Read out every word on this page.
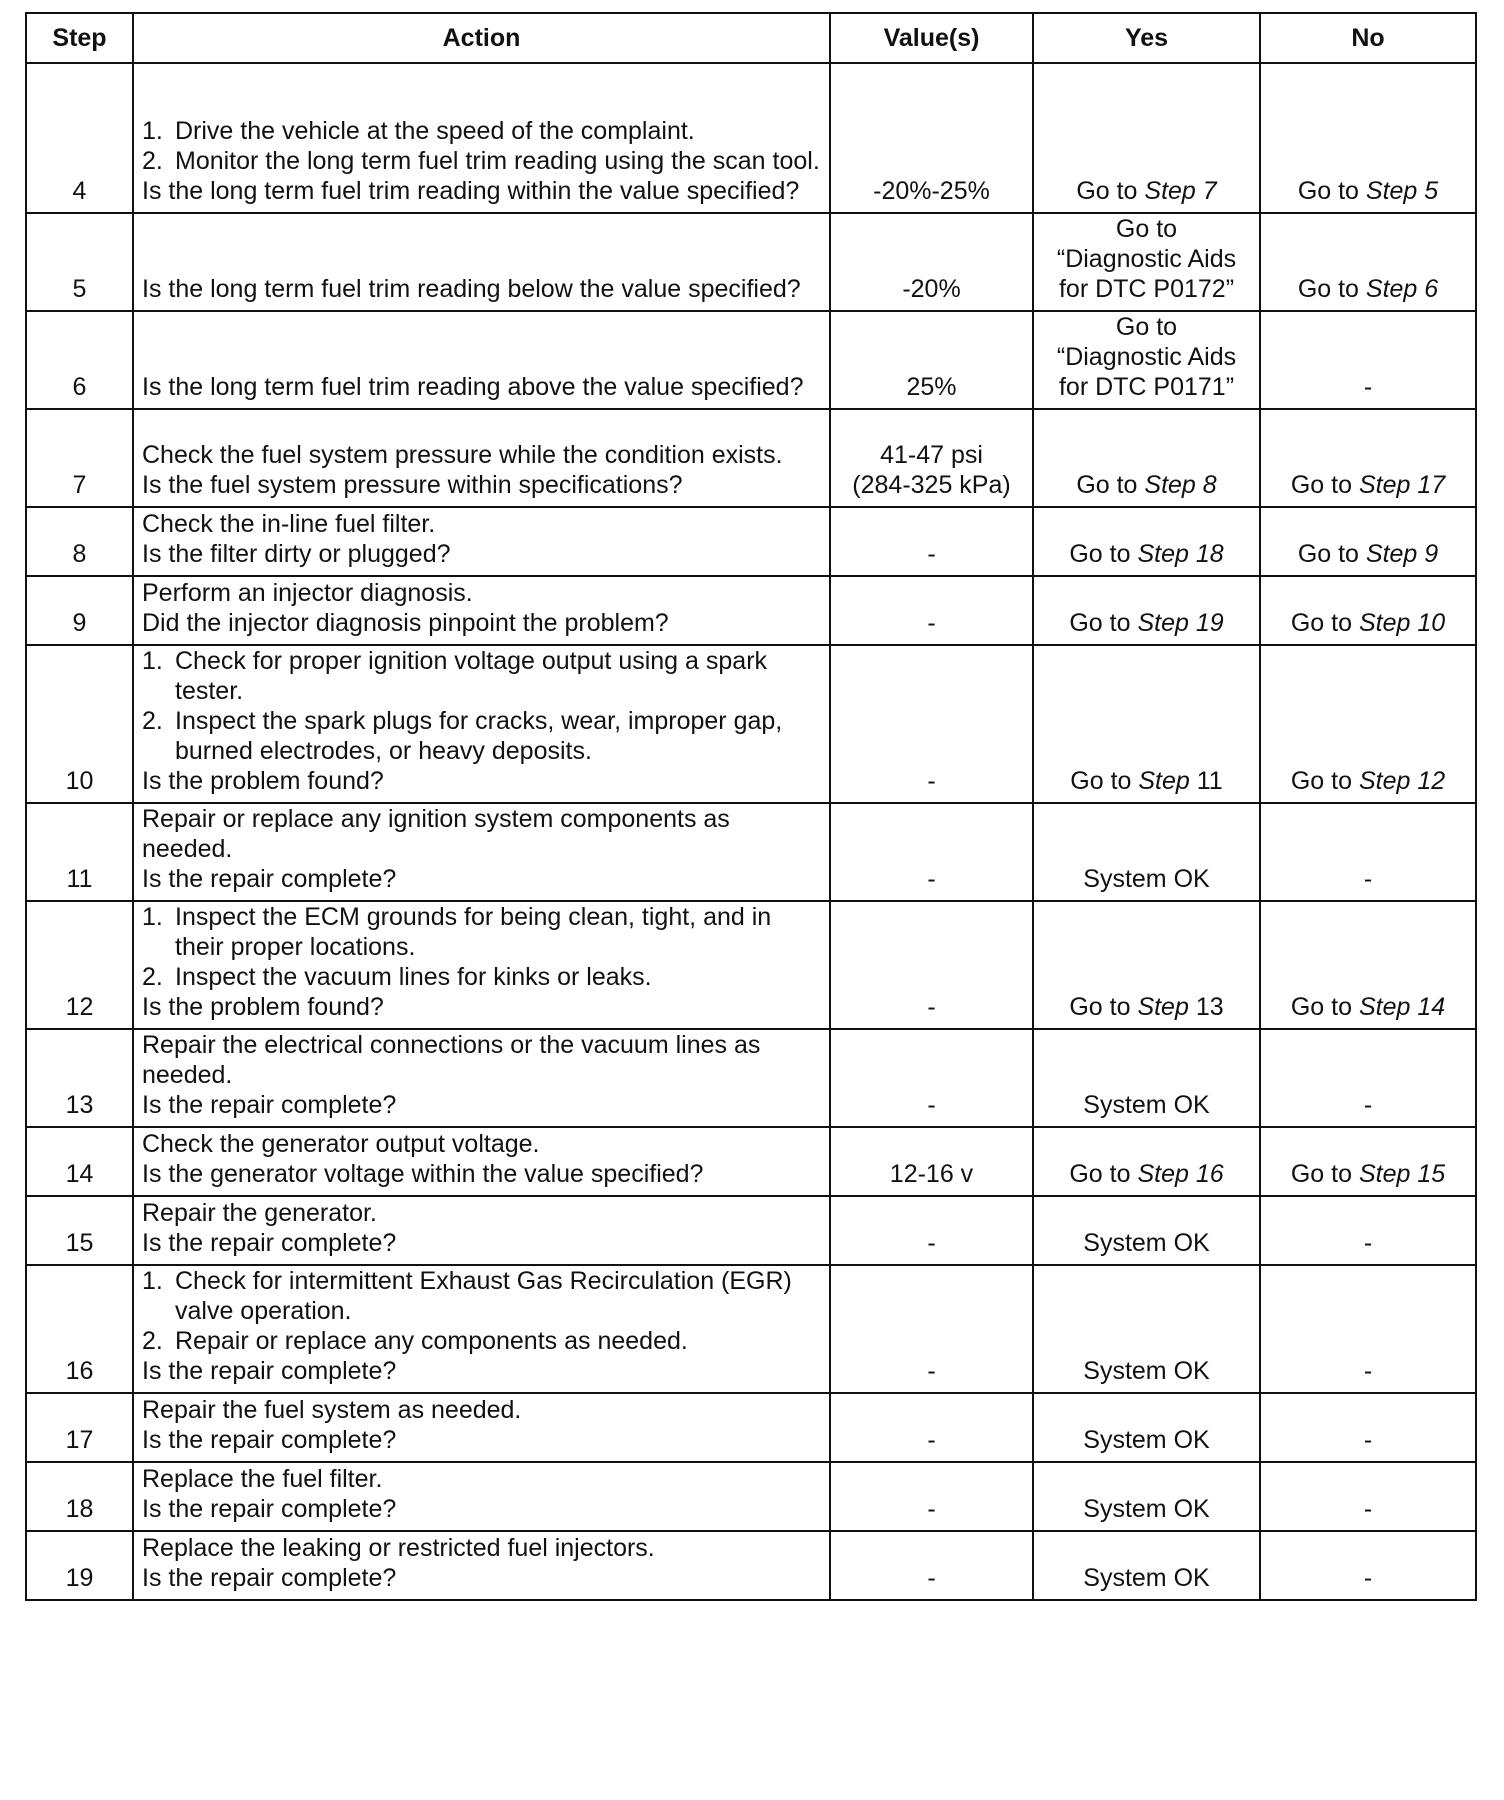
Step	Action	Value(s)	Yes	No
4	1. Drive the vehicle at the speed of the complaint.
2. Monitor the long term fuel trim reading using the scan tool.
Is the long term fuel trim reading within the value specified?	-20%-25%	Go to Step 7	Go to Step 5
5	Is the long term fuel trim reading below the value specified?	-20%	Go to
“Diagnostic Aids
for DTC P0172”	Go to Step 6
6	Is the long term fuel trim reading above the value specified?	25%	Go to
“Diagnostic Aids
for DTC P0171”	-
7	Check the fuel system pressure while the condition exists.
Is the fuel system pressure within specifications?	41-47 psi
(284-325 kPa)	Go to Step 8	Go to Step 17
8	Check the in-line fuel filter.
Is the filter dirty or plugged?	-	Go to Step 18	Go to Step 9
9	Perform an injector diagnosis.
Did the injector diagnosis pinpoint the problem?	-	Go to Step 19	Go to Step 10
10	1. Check for proper ignition voltage output using a spark tester.
2. Inspect the spark plugs for cracks, wear, improper gap, burned electrodes, or heavy deposits.
Is the problem found?	-	Go to Step 11	Go to Step 12
11	Repair or replace any ignition system components as needed.
Is the repair complete?	-	System OK	-
12	1. Inspect the ECM grounds for being clean, tight, and in their proper locations.
2. Inspect the vacuum lines for kinks or leaks.
Is the problem found?	-	Go to Step 13	Go to Step 14
13	Repair the electrical connections or the vacuum lines as needed.
Is the repair complete?	-	System OK	-
14	Check the generator output voltage.
Is the generator voltage within the value specified?	12-16 v	Go to Step 16	Go to Step 15
15	Repair the generator.
Is the repair complete?	-	System OK	-
16	1. Check for intermittent Exhaust Gas Recirculation (EGR) valve operation.
2. Repair or replace any components as needed.
Is the repair complete?	-	System OK	-
17	Repair the fuel system as needed.
Is the repair complete?	-	System OK	-
18	Replace the fuel filter.
Is the repair complete?	-	System OK	-
19	Replace the leaking or restricted fuel injectors.
Is the repair complete?	-	System OK	-
